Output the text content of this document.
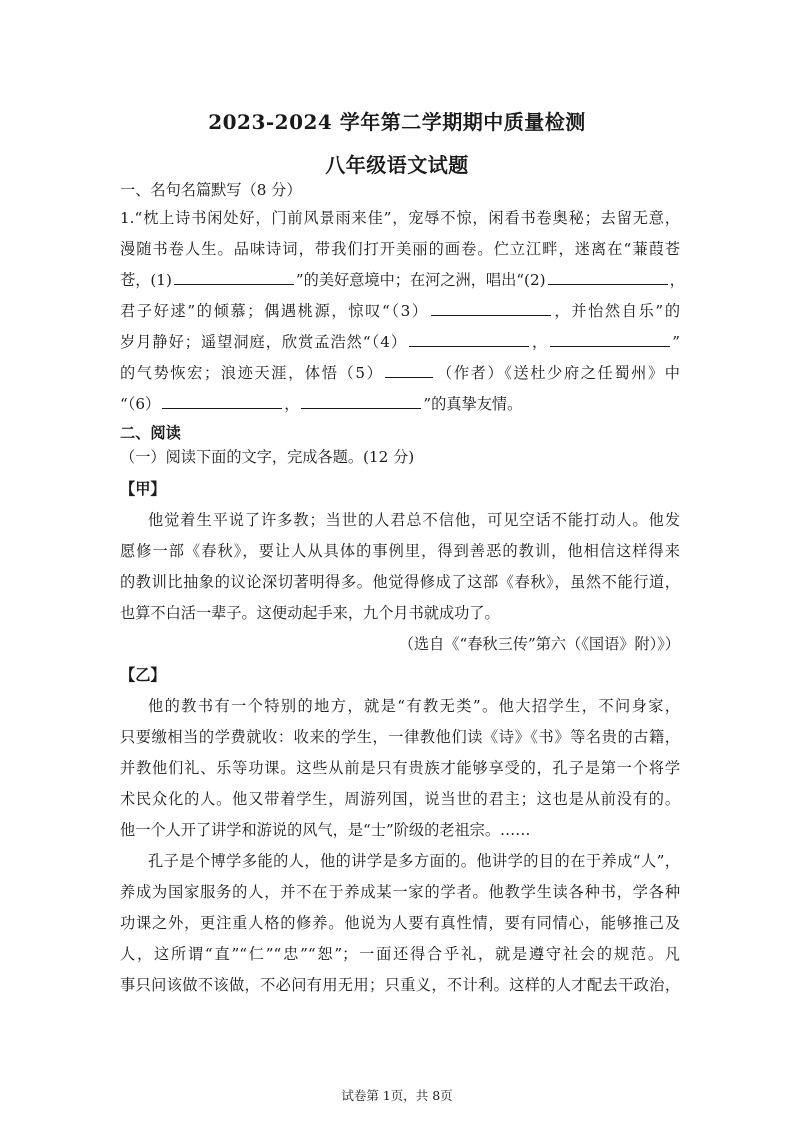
2023-2024 学年第二学期期中质量检测
八年级语文试题
一、名句名篇默写（8 分）
1.“枕上诗书闲处好，门前风景雨来佳”，宠辱不惊，闲看书卷奥秘；去留无意，
漫随书卷人生。品味诗词，带我们打开美丽的画卷。伫立江畔，迷离在“蒹葭苍
苍，(1)	”的美好意境中；在河之洲，唱出“(2)	，
君子好逑”的倾慕；偶遇桃源，惊叹“（3）	，并怡然自乐”的
岁月静好；遥望洞庭，欣赏孟浩然“（4）	，	”
的气势恢宏；浪迹天涯，体悟（5）	（作者）《送杜少府之任蜀州》中
“（6）	，	”的真挚友情。
二、阅读
（一）阅读下面的文字，完成各题。(12 分)
【甲】
他觉着生平说了许多教；当世的人君总不信他，可见空话不能打动人。他发
愿修一部《春秋》，要让人从具体的事例里，得到善恶的教训，他相信这样得来
的教训比抽象的议论深切著明得多。他觉得修成了这部《春秋》，虽然不能行道，
也算不白活一辈子。这便动起手来，九个月书就成功了。
（选自《“春秋三传”第六（《国语》附）》）
【乙】
他的教书有一个特别的地方，就是“有教无类”。他大招学生，不问身家，
只要缴相当的学费就收：收来的学生，一律教他们读《诗》《书》等名贵的古籍，
并教他们礼、乐等功课。这些从前是只有贵族才能够享受的，孔子是第一个将学
术民众化的人。他又带着学生，周游列国，说当世的君主；这也是从前没有的。
他一个人开了讲学和游说的风气，是“士”阶级的老祖宗。……
孔子是个博学多能的人，他的讲学是多方面的。他讲学的目的在于养成“人”，
养成为国家服务的人，并不在于养成某一家的学者。他教学生读各种书，学各种
功课之外，更注重人格的修养。他说为人要有真性情，要有同情心，能够推己及
人，这所谓“直”“仁”“忠”“恕”；一面还得合乎礼，就是遵守社会的规范。凡
事只问该做不该做，不必问有用无用；只重义，不计利。这样的人才配去干政治，
试卷第 1页，共 8页
